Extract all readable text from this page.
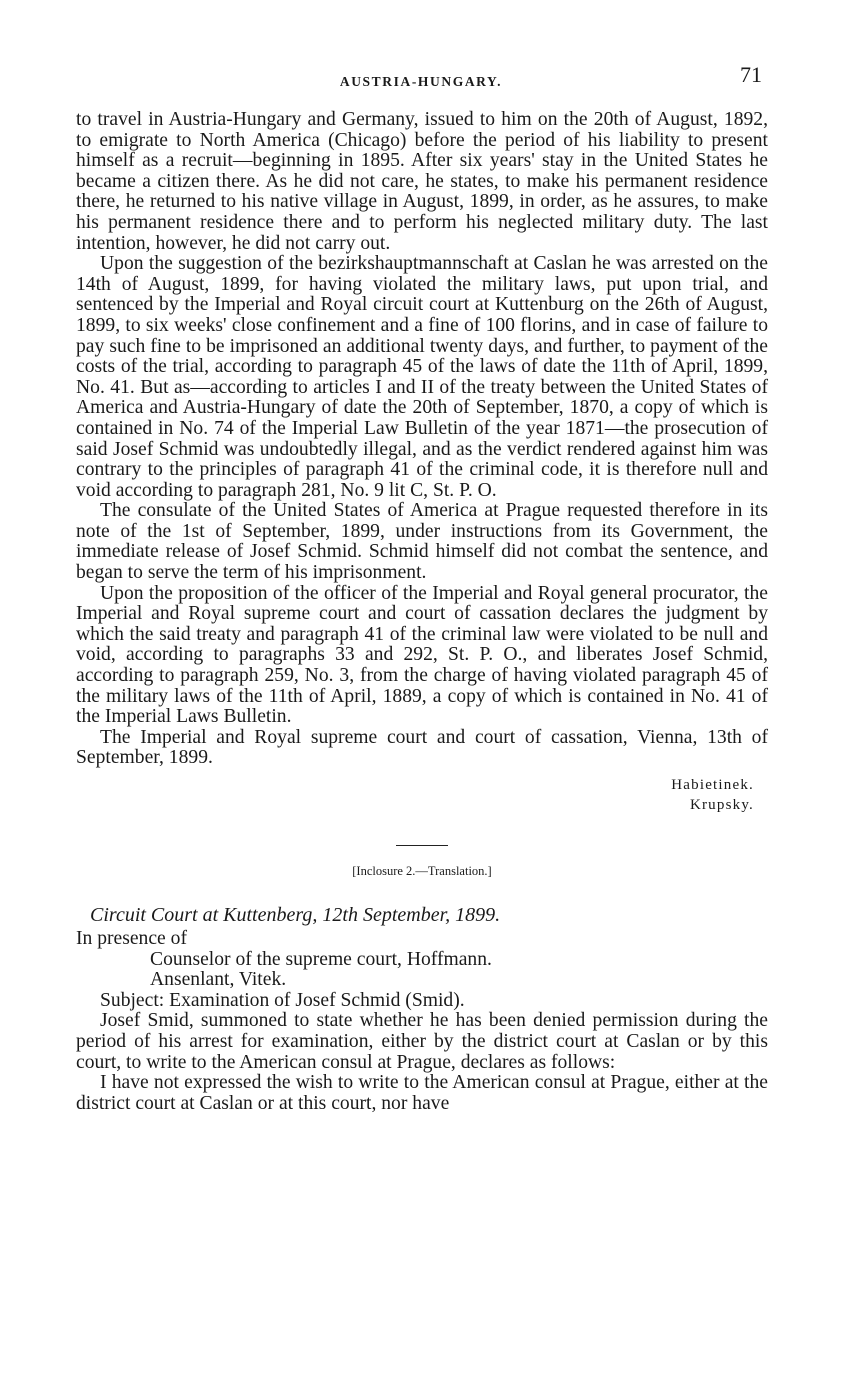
AUSTRIA-HUNGARY.	71

to travel in Austria-Hungary and Germany, issued to him on the 20th of August, 1892, to emigrate to North America (Chicago) before the period of his liability to present himself as a recruit—beginning in 1895. After six years' stay in the United States he became a citizen there. As he did not care, he states, to make his permanent residence there, he returned to his native village in August, 1899, in order, as he assures, to make his permanent residence there and to perform his neglected military duty. The last intention, however, he did not carry out.

Upon the suggestion of the bezirkshauptmannschaft at Caslan he was arrested on the 14th of August, 1899, for having violated the military laws, put upon trial, and sentenced by the Imperial and Royal circuit court at Kuttenburg on the 26th of August, 1899, to six weeks' close confinement and a fine of 100 florins, and in case of failure to pay such fine to be imprisoned an additional twenty days, and further, to payment of the costs of the trial, according to paragraph 45 of the laws of date the 11th of April, 1899, No. 41. But as—according to articles I and II of the treaty between the United States of America and Austria-Hungary of date the 20th of September, 1870, a copy of which is contained in No. 74 of the Imperial Law Bulletin of the year 1871—the prosecution of said Josef Schmid was undoubtedly illegal, and as the verdict rendered against him was contrary to the principles of paragraph 41 of the criminal code, it is therefore null and void according to paragraph 281, No. 9 lit C, St. P. O.

The consulate of the United States of America at Prague requested therefore in its note of the 1st of September, 1899, under instructions from its Government, the immediate release of Josef Schmid. Schmid himself did not combat the sentence, and began to serve the term of his imprisonment.

Upon the proposition of the officer of the Imperial and Royal general procurator, the Imperial and Royal supreme court and court of cassation declares the judgment by which the said treaty and paragraph 41 of the criminal law were violated to be null and void, according to paragraphs 33 and 292, St. P. O., and liberates Josef Schmid, according to paragraph 259, No. 3, from the charge of having violated paragraph 45 of the military laws of the 11th of April, 1889, a copy of which is contained in No. 41 of the Imperial Laws Bulletin.

The Imperial and Royal supreme court and court of cassation, Vienna, 13th of September, 1899.

Habietinek.
Krupsky.
[Inclosure 2.—Translation.]
Circuit Court at Kuttenberg, 12th September, 1899.

In presence of

Counselor of the supreme court, Hoffmann.

Ansenlant, Vitek.

Subject: Examination of Josef Schmid (Smid).

Josef Smid, summoned to state whether he has been denied permission during the period of his arrest for examination, either by the district court at Caslan or by this court, to write to the American consul at Prague, declares as follows:

I have not expressed the wish to write to the American consul at Prague, either at the district court at Caslan or at this court, nor have
